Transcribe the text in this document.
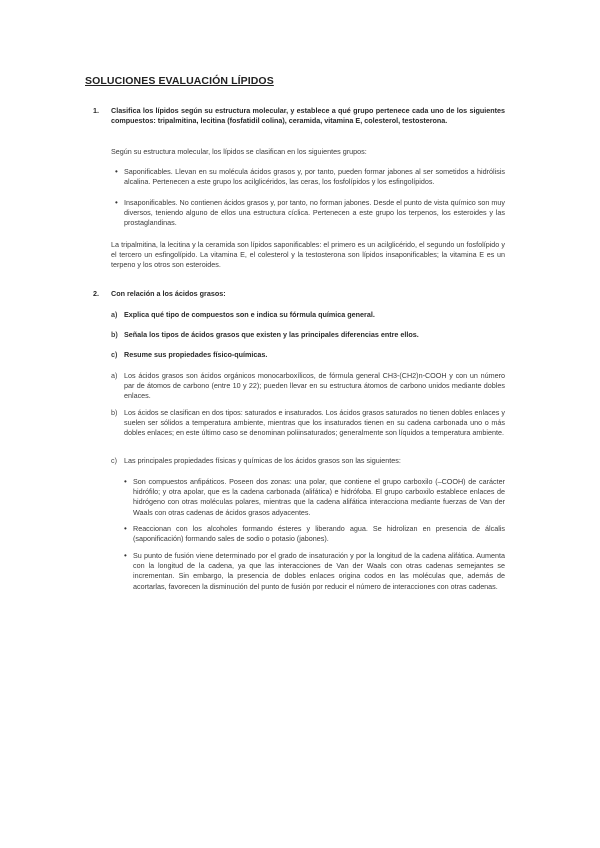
SOLUCIONES EVALUACIÓN LÍPIDOS
1. Clasifica los lípidos según su estructura molecular, y establece a qué grupo pertenece cada uno de los siguientes compuestos: tripalmitina, lecitina (fosfatidil colina), ceramida, vitamina E, colesterol, testosterona.
Según su estructura molecular, los lípidos se clasifican en los siguientes grupos:
• Saponificables. Llevan en su molécula ácidos grasos y, por tanto, pueden formar jabones al ser sometidos a hidrólisis alcalina. Pertenecen a este grupo los acilglicéridos, las ceras, los fosfolípidos y los esfingolípidos.
• Insaponificables. No contienen ácidos grasos y, por tanto, no forman jabones. Desde el punto de vista químico son muy diversos, teniendo alguno de ellos una estructura cíclica. Pertenecen a este grupo los terpenos, los esteroides y las prostaglandinas.
La tripalmitina, la lecitina y la ceramida son lípidos saponificables: el primero es un acilglicérido, el segundo un fosfolípido y el tercero un esfingolípido. La vitamina E, el colesterol y la testosterona son lípidos insaponificables; la vitamina E es un terpeno y los otros son esteroides.
2. Con relación a los ácidos grasos:
a) Explica qué tipo de compuestos son e indica su fórmula química general.
b) Señala los tipos de ácidos grasos que existen y las principales diferencias entre ellos.
c) Resume sus propiedades físico-químicas.
a) Los ácidos grasos son ácidos orgánicos monocarboxílicos, de fórmula general CH3-(CH2)n-COOH y con un número par de átomos de carbono (entre 10 y 22); pueden llevar en su estructura átomos de carbono unidos mediante dobles enlaces.
b) Los ácidos se clasifican en dos tipos: saturados e insaturados. Los ácidos grasos saturados no tienen dobles enlaces y suelen ser sólidos a temperatura ambiente, mientras que los insaturados tienen en su cadena carbonada uno o más dobles enlaces; en este último caso se denominan poliinsaturados; generalmente son líquidos a temperatura ambiente.
c) Las principales propiedades físicas y químicas de los ácidos grasos son las siguientes:
• Son compuestos anfipáticos. Poseen dos zonas: una polar, que contiene el grupo carboxilo (–COOH) de carácter hidrófilo; y otra apolar, que es la cadena carbonada (alifática) e hidrófoba. El grupo carboxilo establece enlaces de hidrógeno con otras moléculas polares, mientras que la cadena alifática interacciona mediante fuerzas de Van der Waals con otras cadenas de ácidos grasos adyacentes.
• Reaccionan con los alcoholes formando ésteres y liberando agua. Se hidrolizan en presencia de álcalis (saponificación) formando sales de sodio o potasio (jabones).
• Su punto de fusión viene determinado por el grado de insaturación y por la longitud de la cadena alifática. Aumenta con la longitud de la cadena, ya que las interacciones de Van der Waals con otras cadenas semejantes se incrementan. Sin embargo, la presencia de dobles enlaces origina codos en las moléculas que, además de acortarlas, favorecen la disminución del punto de fusión por reducir el número de interacciones con otras cadenas.
